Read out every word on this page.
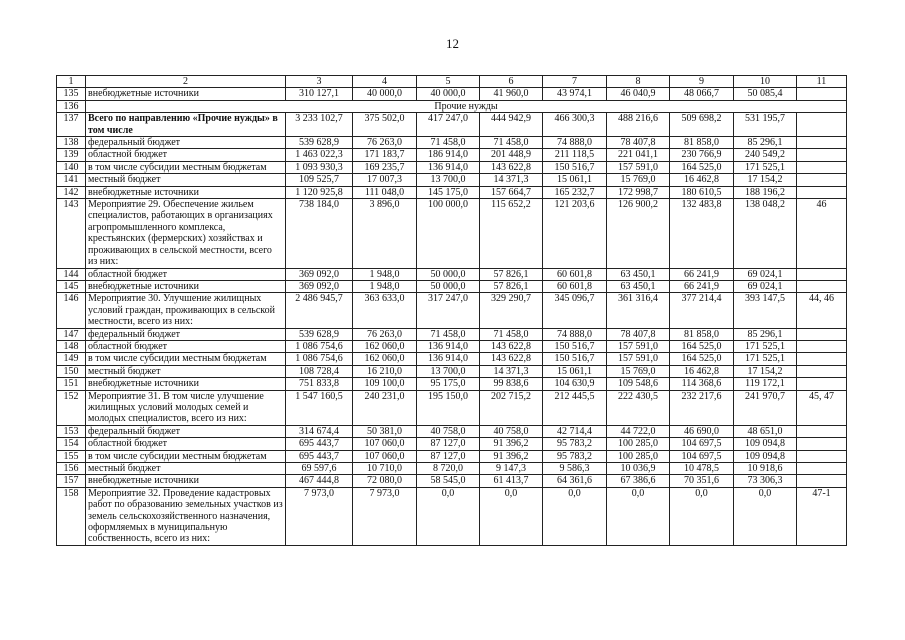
12
1	2	3	4	5	6	7	8	9	10	11
135	внебюджетные источники	310 127,1	40 000,0	40 000,0	41 960,0	43 974,1	46 040,9	48 066,7	50 085,4	
136	Прочие нужды									
137	Всего по направлению «Прочие нужды» в том числе	3 233 102,7	375 502,0	417 247,0	444 942,9	466 300,3	488 216,6	509 698,2	531 195,7	
138	федеральный бюджет	539 628,9	76 263,0	71 458,0	71 458,0	74 888,0	78 407,8	81 858,0	85 296,1	
139	областной бюджет	1 463 022,3	171 183,7	186 914,0	201 448,9	211 118,5	221 041,1	230 766,9	240 549,2	
140	в том числе субсидии местным бюджетам	1 093 930,3	169 235,7	136 914,0	143 622,8	150 516,7	157 591,0	164 525,0	171 525,1	
141	местный бюджет	109 525,7	17 007,3	13 700,0	14 371,3	15 061,1	15 769,0	16 462,8	17 154,2	
142	внебюджетные источники	1 120 925,8	111 048,0	145 175,0	157 664,7	165 232,7	172 998,7	180 610,5	188 196,2	
143	Мероприятие 29. Обеспечение жильем специалистов, работающих в организациях агропромышленного комплекса, крестьянских (фермерских) хозяйствах и проживающих в сельской местности, всего из них:	738 184,0	3 896,0	100 000,0	115 652,2	121 203,6	126 900,2	132 483,8	138 048,2	46
144	областной бюджет	369 092,0	1 948,0	50 000,0	57 826,1	60 601,8	63 450,1	66 241,9	69 024,1	
145	внебюджетные источники	369 092,0	1 948,0	50 000,0	57 826,1	60 601,8	63 450,1	66 241,9	69 024,1	
146	Мероприятие 30. Улучшение жилищных условий граждан, проживающих в сельской местности, всего из них:	2 486 945,7	363 633,0	317 247,0	329 290,7	345 096,7	361 316,4	377 214,4	393 147,5	44, 46
147	федеральный бюджет	539 628,9	76 263,0	71 458,0	71 458,0	74 888,0	78 407,8	81 858,0	85 296,1	
148	областной бюджет	1 086 754,6	162 060,0	136 914,0	143 622,8	150 516,7	157 591,0	164 525,0	171 525,1	
149	в том числе субсидии местным бюджетам	1 086 754,6	162 060,0	136 914,0	143 622,8	150 516,7	157 591,0	164 525,0	171 525,1	
150	местный бюджет	108 728,4	16 210,0	13 700,0	14 371,3	15 061,1	15 769,0	16 462,8	17 154,2	
151	внебюджетные источники	751 833,8	109 100,0	95 175,0	99 838,6	104 630,9	109 548,6	114 368,6	119 172,1	
152	Мероприятие 31. В том числе улучшение жилищных условий молодых семей и молодых специалистов, всего из них:	1 547 160,5	240 231,0	195 150,0	202 715,2	212 445,5	222 430,5	232 217,6	241 970,7	45, 47
153	федеральный бюджет	314 674,4	50 381,0	40 758,0	40 758,0	42 714,4	44 722,0	46 690,0	48 651,0	
154	областной бюджет	695 443,7	107 060,0	87 127,0	91 396,2	95 783,2	100 285,0	104 697,5	109 094,8	
155	в том числе субсидии местным бюджетам	695 443,7	107 060,0	87 127,0	91 396,2	95 783,2	100 285,0	104 697,5	109 094,8	
156	местный бюджет	69 597,6	10 710,0	8 720,0	9 147,3	9 586,3	10 036,9	10 478,5	10 918,6	
157	внебюджетные источники	467 444,8	72 080,0	58 545,0	61 413,7	64 361,6	67 386,6	70 351,6	73 306,3	
158	Мероприятие 32. Проведение кадастровых работ по образованию земельных участков из земель сельскохозяйственного назначения, оформляемых в муниципальную собственность, всего из них:	7 973,0	7 973,0	0,0	0,0	0,0	0,0	0,0	0,0	47-1
